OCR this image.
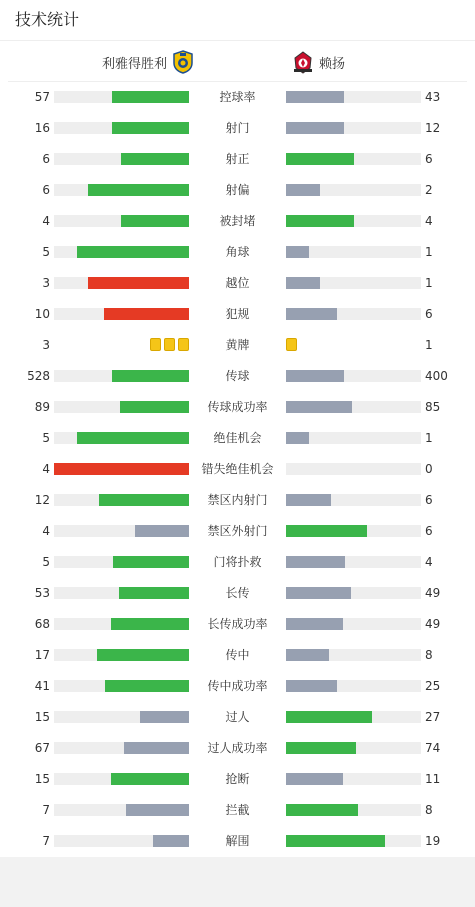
技术统计
利雅得胜利	赖扬
57	控球率	43
16	射门	12
6	射正	6
6	射偏	2
4	被封堵	4
5	角球	1
3	越位	1
10	犯规	6
3	黄牌	1
528	传球	400
89	传球成功率	85
5	绝佳机会	1
4	错失绝佳机会	0
12	禁区内射门	6
4	禁区外射门	6
5	门将扑救	4
53	长传	49
68	长传成功率	49
17	传中	8
41	传中成功率	25
15	过人	27
67	过人成功率	74
15	抢断	11
7	拦截	8
7	解围	19
